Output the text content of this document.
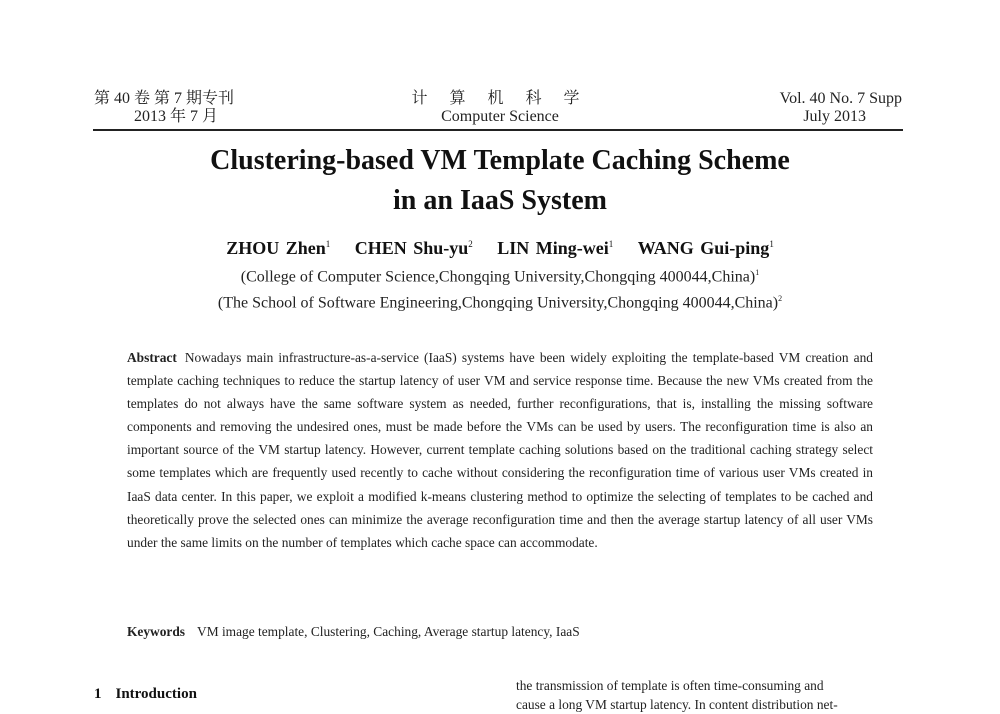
第 40 卷 第 7 期专刊
2013 年 7 月
计 算 机 科 学
Computer Science
Vol. 40 No. 7 Supp
July 2013
Clustering-based VM Template Caching Scheme
in an IaaS System
ZHOU Zhen$^1$ CHEN Shu-$yu^2$ LIN Ming-wei$^1$ WANG Gui-ping$^1$
(College of Computer Science,Chongqing University,Chongqing 400044,China)$^1$
(The School of Software Engineering,Chongqing University,Chongqing 400044,China)$^2$
Abstract Nowadays main infrastructure-as-a-service (IaaS) systems have been widely exploiting the template-based VM creation and template caching techniques to reduce the startup latency of user VM and service response time. Because the new VMs created from the templates do not always have the same software system as needed, further reconfigurations, that is, installing the missing software components and removing the undesired ones, must be made before the VMs can be used by users. The reconfiguration time is also an important source of the VM startup latency. However, current template caching solutions based on the traditional caching strategy select some templates which are frequently used recently to cache without considering the reconfiguration time of various user VMs created in IaaS data center. In this paper, we exploit a modified k-means clustering method to optimize the selecting of templates to be cached and theoretically prove the selected ones can minimize the average reconfiguration time and then the average startup latency of all user VMs under the same limits on the number of templates which cache space can accommodate.
Keywords VM image template, Clustering, Caching, Average startup latency, IaaS
1 Introduction
the transmission of template is often time-consuming and
cause a long VM startup latency. In content distribution net-
